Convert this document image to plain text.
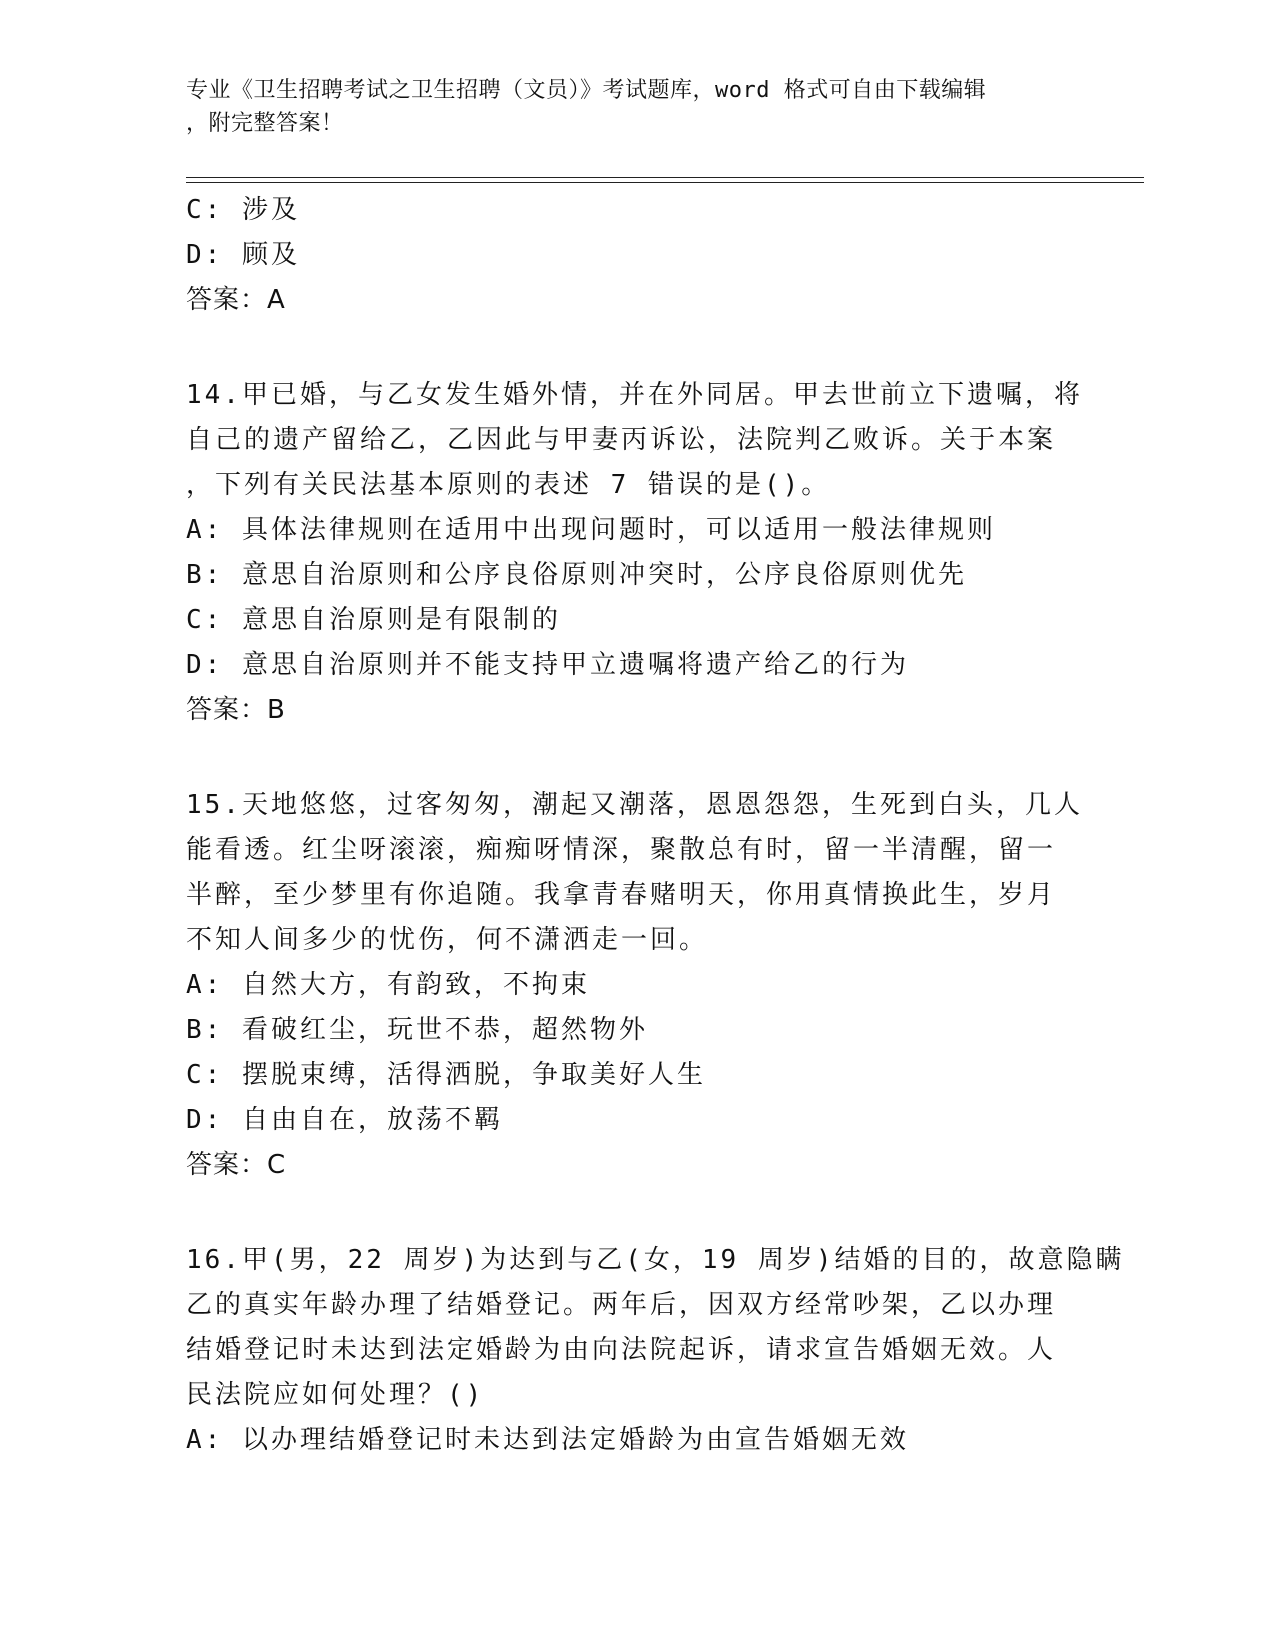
专业《卫生招聘考试之卫生招聘（文员）》考试题库，word 格式可自由下载编辑
，附完整答案！
C: 涉及
D: 顾及
答案：A
14.甲已婚，与乙女发生婚外情，并在外同居。甲去世前立下遗嘱，将
自己的遗产留给乙，乙因此与甲妻丙诉讼，法院判乙败诉。关于本案
，下列有关民法基本原则的表述 7 错误的是()。
A: 具体法律规则在适用中出现问题时，可以适用一般法律规则
B: 意思自治原则和公序良俗原则冲突时，公序良俗原则优先
C: 意思自治原则是有限制的
D: 意思自治原则并不能支持甲立遗嘱将遗产给乙的行为
答案：B
15.天地悠悠，过客匆匆，潮起又潮落，恩恩怨怨，生死到白头，几人
能看透。红尘呀滚滚，痴痴呀情深，聚散总有时，留一半清醒，留一
半醉，至少梦里有你追随。我拿青春赌明天，你用真情换此生，岁月
不知人间多少的忧伤，何不潇洒走一回。
A: 自然大方，有韵致，不拘束
B: 看破红尘，玩世不恭，超然物外
C: 摆脱束缚，活得洒脱，争取美好人生
D: 自由自在，放荡不羁
答案：C
16.甲(男，22 周岁)为达到与乙(女，19 周岁)结婚的目的，故意隐瞒
乙的真实年龄办理了结婚登记。两年后，因双方经常吵架，乙以办理
结婚登记时未达到法定婚龄为由向法院起诉，请求宣告婚姻无效。人
民法院应如何处理？()
A: 以办理结婚登记时未达到法定婚龄为由宣告婚姻无效
